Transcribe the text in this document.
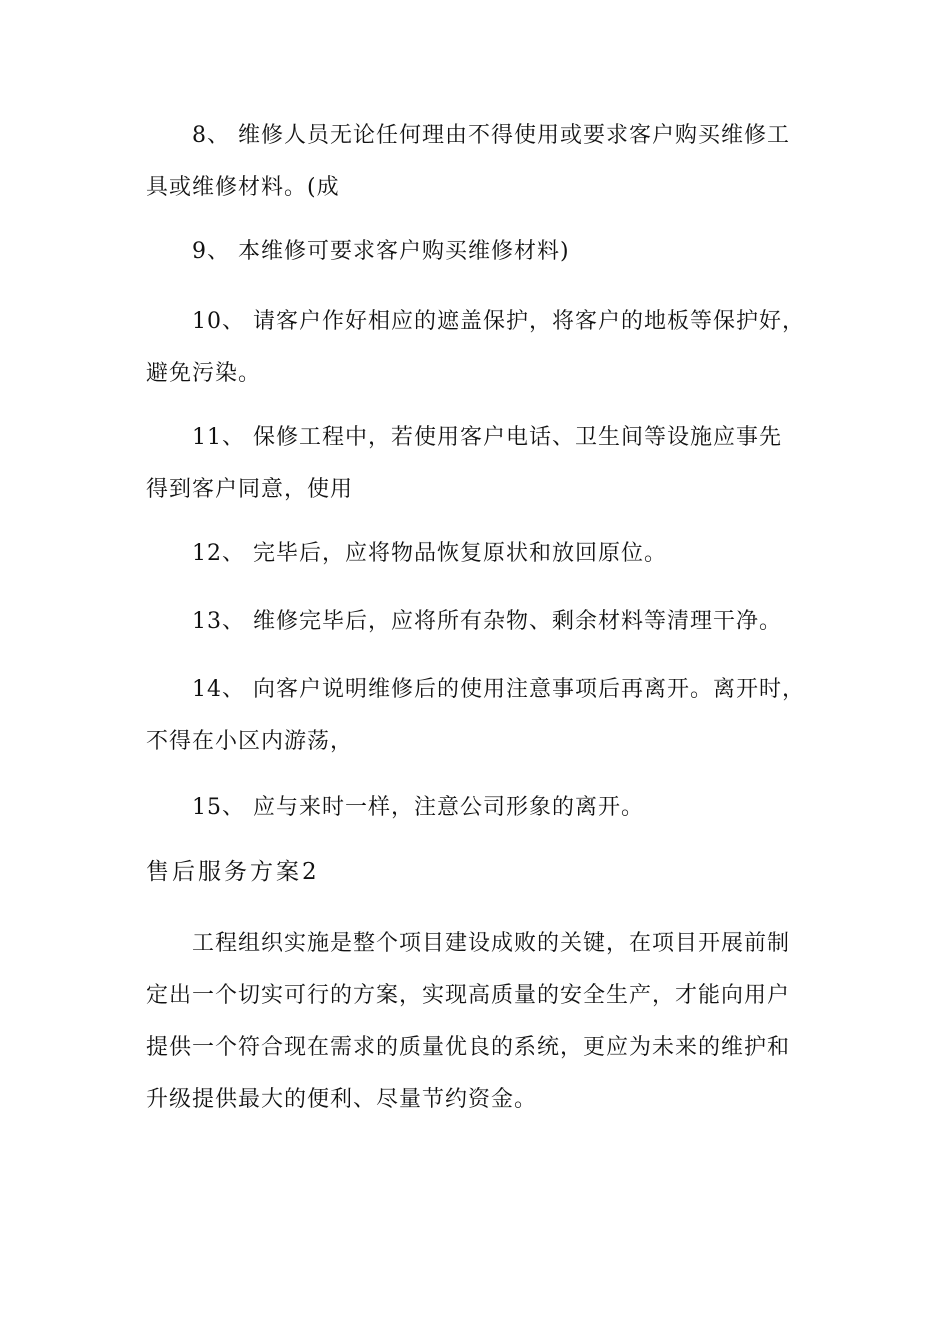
8、 维修人员无论任何理由不得使用或要求客户购买维修工
具或维修材料。(成

9、 本维修可要求客户购买维修材料)

10、 请客户作好相应的遮盖保护，将客户的地板等保护好，
避免污染。

11、 保修工程中，若使用客户电话、卫生间等设施应事先
得到客户同意，使用

12、 完毕后，应将物品恢复原状和放回原位。

13、 维修完毕后，应将所有杂物、剩余材料等清理干净。

14、 向客户说明维修后的使用注意事项后再离开。离开时，
不得在小区内游荡，

15、 应与来时一样，注意公司形象的离开。

售后服务方案2

工程组织实施是整个项目建设成败的关键，在项目开展前制
定出一个切实可行的方案，实现高质量的安全生产，才能向用户
提供一个符合现在需求的质量优良的系统，更应为未来的维护和
升级提供最大的便利、尽量节约资金。
